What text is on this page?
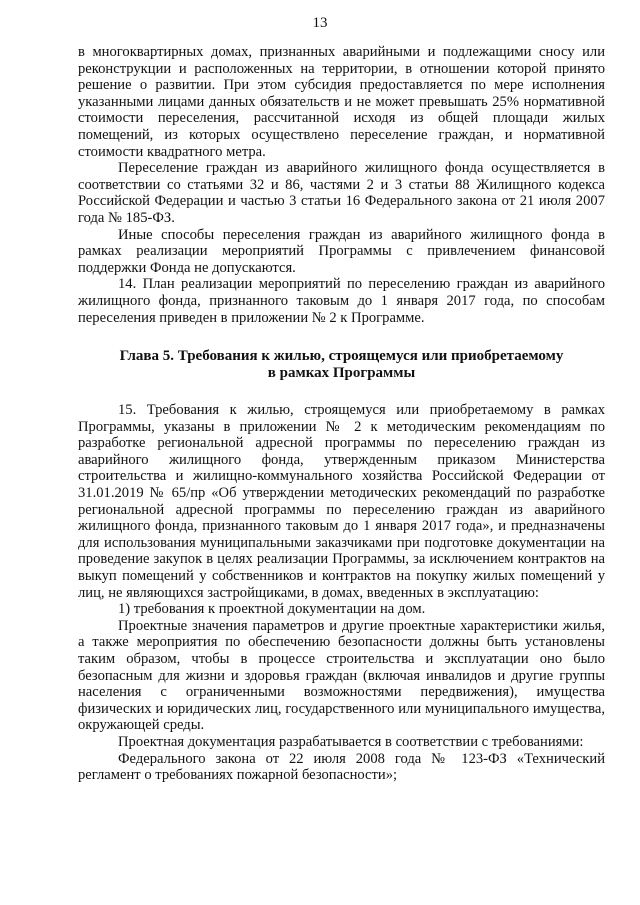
13

в многоквартирных домах, признанных аварийными и подлежащими сносу или реконструкции и расположенных на территории, в отношении которой принято решение о развитии. При этом субсидия предоставляется по мере исполнения указанными лицами данных обязательств и не может превышать 25% нормативной стоимости переселения, рассчитанной исходя из общей площади жилых помещений, из которых осуществлено переселение граждан, и нормативной стоимости квадратного метра.

Переселение граждан из аварийного жилищного фонда осуществляется в соответствии со статьями 32 и 86, частями 2 и 3 статьи 88 Жилищного кодекса Российской Федерации и частью 3 статьи 16 Федерального закона от 21 июля 2007 года № 185-ФЗ.

Иные способы переселения граждан из аварийного жилищного фонда в рамках реализации мероприятий Программы с привлечением финансовой поддержки Фонда не допускаются.

14. План реализации мероприятий по переселению граждан из аварийного жилищного фонда, признанного таковым до 1 января 2017 года, по способам переселения приведен в приложении № 2 к Программе.

Глава 5. Требования к жилью, строящемуся или приобретаемому
в рамках Программы

15. Требования к жилью, строящемуся или приобретаемому в рамках Программы, указаны в приложении № 2 к методическим рекомендациям по разработке региональной адресной программы по переселению граждан из аварийного жилищного фонда, утвержденным приказом Министерства строительства и жилищно-коммунального хозяйства Российской Федерации от 31.01.2019 № 65/пр «Об утверждении методических рекомендаций по разработке региональной адресной программы по переселению граждан из аварийного жилищного фонда, признанного таковым до 1 января 2017 года», и предназначены для использования муниципальными заказчиками при подготовке документации на проведение закупок в целях реализации Программы, за исключением контрактов на выкуп помещений у собственников и контрактов на покупку жилых помещений у лиц, не являющихся застройщиками, в домах, введенных в эксплуатацию:

1) требования к проектной документации на дом.

Проектные значения параметров и другие проектные характеристики жилья, а также мероприятия по обеспечению безопасности должны быть установлены таким образом, чтобы в процессе строительства и эксплуатации оно было безопасным для жизни и здоровья граждан (включая инвалидов и другие группы населения с ограниченными возможностями передвижения), имущества физических и юридических лиц, государственного или муниципального имущества, окружающей среды.

Проектная документация разрабатывается в соответствии с требованиями:

Федерального закона от 22 июля 2008 года № 123-ФЗ «Технический регламент о требованиях пожарной безопасности»;
